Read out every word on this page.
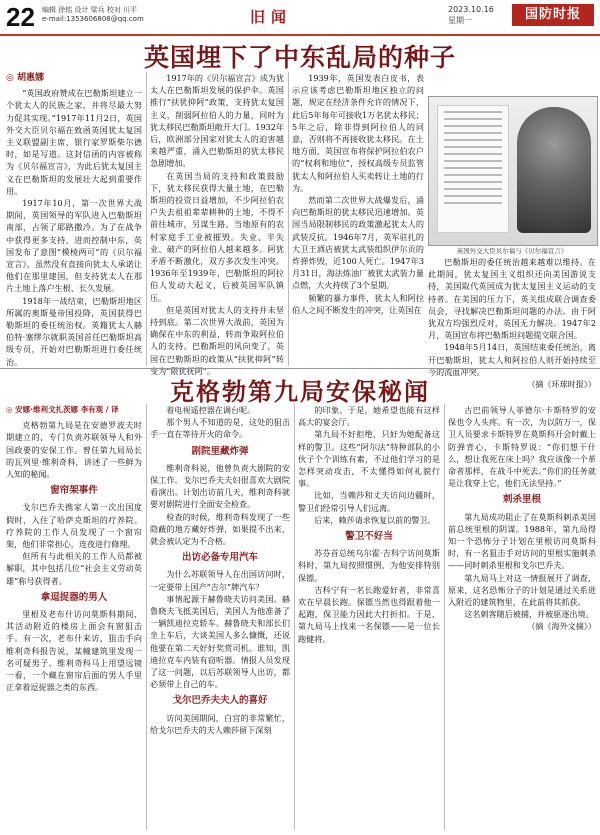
22 编辑 徐铭 设计 梁兵 校对 川平
e-mail:1353606808@qq.com	旧闻	2023.10.16
星期一	国防时报
英国埋下了中东乱局的种子
◎ 胡惠娜

“英国政府赞成在巴勒斯坦建立一个犹太人的民族之家，并将尽最大努力促其实现。”1917年11月2日，英国外交大臣贝尔福在致函英国犹太复国主义联盟副主席、银行家罗斯柴尔德时，如是写道。这封信函的内容被称为《贝尔福宣言》，为此后犹太复国主义在巴勒斯坦的发展壮大起到重要作用。

1917年10月，第一次世界大战期间，英国领导的军队进入巴勒斯坦南部，占领了耶路撒冷。为了在战争中获得更多支持，进而控制中东，英国发布了意图“模棱两可”的《贝尔福宣言》，虽然没有直接向犹太人承诺让他们在那里建国，但支持犹太人在那片土地上落户生根、长久发展。

1918年一战结束，巴勒斯坦地区所属的奥斯曼帝国投降，英国获得巴勒斯坦的委任统治权。英籍犹太人赫伯特·塞缪尔就职英国首任巴勒斯坦高级专员，开始对巴勒斯坦进行委任统治。

1917年的《贝尔福宣言》成为犹太人在巴勒斯坦发展的保护伞。英国推行“扶犹抑阿”政策，支持犹太复国主义，削弱阿拉伯人的力量，同时为犹太移民巴勒斯坦敞开大门。1932年后，欧洲部分国家对犹太人的迫害越来越严重，涌入巴勒斯坦的犹太移民急剧增加。

在英国当局的支持和政策鼓励下，犹太移民获得大量土地，在巴勒斯坦的投资日益增加，不少阿拉伯农户失去祖祖辈辈耕种的土地，不得不前往城市，另谋生路。当地原有的农村家庭手工业被摧毁。失业、半失业、破产的阿拉伯人越来越多。阿犹矛盾不断激化，双方多次发生冲突。1936年至1939年，巴勒斯坦的阿拉伯人发动大起义，后被英国军队镇压。

但是英国对犹太人的支持并未坚持到底。第二次世界大战前，英国为确保在中东的利益，转而争取阿拉伯人的支持。巴勒斯坦的风向变了，英国在巴勒斯坦的政策从“扶犹抑阿”转变为“限犹抚阿”。

1939年，英国发表白皮书，表示应该考虑巴勒斯坦地区独立的问题，规定在经济条件允许的情况下，此后5年每年可接收1万名犹太移民；5年之后，除非得到阿拉伯人的同意，否则将不再接收犹太移民。在土地方面，英国宣布将保护阿拉伯农户的“权利和地位”，授权高级专员监管犹太人和阿拉伯人买卖转让土地的行为。

然而第二次世界大战爆发后，涌向巴勒斯坦的犹太移民迅速增加。英国当局限制移民的政策激起犹太人的武装反抗。1946年7月，英军驻扎的大卫王酒店被犹太武装组织伊尔贡的炸弹炸毁，近100人死亡。1947年3月31日，海法炼油厂被犹太武装力量点燃，大火持续了3个星期。

频繁的暴力事件，犹太人和阿拉伯人之间不断发生的冲突，让英国在

英国外交大臣贝尔福与《贝尔福宣言》

巴勒斯坦的委任统治越来越难以维持。在此期间，犹太复国主义组织还向美国游说支持，美国取代英国成为犹太复国主义运动的支持者。在美国的压力下，英关组成联合调查委员会，寻找解决巴勒斯坦问题的办法。由于阿犹双方均强烈反对，英国无力解决。1947年2月，英国宣布将巴勒斯坦问题提交联合国。

1948年5月14日，英国结束委任统治，离开巴勒斯坦，犹太人和阿拉伯人则开始持续至今的流血冲突。

（摘《环球时报》）
克格勃第九局安保秘闻
◎ 安娜·维利戈扎茨娜 李有观 / 译

克格勃第九局是在安德罗波夫时期建立的，专门负责苏联领导人和外国政要的安保工作。曾任第九局局长的瓦列里·维利奇科，讲述了一些鲜为人知的秘闻。

窗帘架事件

戈尔巴乔夫携家人第一次出国度假时，入住了哈萨克斯坦的疗养院。疗养院的工作人员发现了一个窗帘架，他们非常担心，连夜进行修理。

但所有与此相关的工作人员都被解职，其中包括几位“社会主义劳动英雄”称号获得者。

拿逗捉器的男人

里根及老布什访问莫斯科期间，其活动附近的楼房上面会有窗狙击手。有一次，老布什来访，狙击手向维利奇科报告说，某幢建筑里发现一名可疑男子。维利奇科马上用望远镜一看，一个藏在窗帘后面的男人手里正拿着逗捉器之类的东西。

着电视遥控器在调台呢。

那个男人不知道的是，这处的狙击手一直在等待开火的命令。

剧院里藏炸弹

维利奇科说，他曾负责大剧院的安保工作。戈尔巴乔夫夫妇很喜欢大剧院看演出。计划出访前几天，维利奇科就要对剧院进行全面安全检查。

检查的时候，维利奇科发现了一些隐蔽的地方藏好炸弹，如果提不出来，就会被认定为不合格。

出访必备专用汽车

为什么苏联领导人在出国访问时，一定要带上国产“吉尔”牌汽车？

事情起源于赫鲁晓夫访问美国。赫鲁晓夫飞抵美国后，美国人为他准备了一辆凯迪拉克轿车。赫鲁晓夫和部长们坐上车后，大谈美国人多么慷慨，还说他要在第二天好好奖赏司机。谁知，凯迪拉克车内装有窃听器。情报人员发现了这一问题，以后苏联领导人出访，都必须带上自己的车。

戈尔巴乔夫夫人的喜好

访问美国期间，白宫的非常繁忙，给戈尔巴乔夫的夫人赖莎留下深刻

的印象。于是，她希望也能有这样高大的宴会厅。

第九局不好拒绝，只好为她配备这样的警卫。这些“阿尔法”特种部队的小伙子个个训练有素，不过他们学习的是怎样突动攻击，不太懂得如何礼貌行事。

比如，当赖莎和丈夫访问边疆时，警卫们经常引导人们远离。

后来，赖莎请求恢复以前的警卫。

警卫不好当

苏芬首总统乌尔霍·吉科宁访问莫斯科时，第九局按照惯例，为他安排特别保镖。

吉科宁有一名长跑爱好者，非常喜欢在早晨长跑。保镖当然也得跟着他一起跑，保卫能力因此大打折扣。于是，第九局马上找来一名保镖——是一位长跑健将。

古巴前领导人菲德尔·卡斯特罗的安保也令人头疼。有一次，为以防万一，保卫人员要求卡斯特罗在莫斯科开会时戴上防弹背心，卡斯特罗说：“你们想干什么，想让我死在床上吗？我应该像一个革命者那样，在战斗中死去。”你们的任务就是让我穿上它，他们无法坚持。”

刺杀里根

第九局成功阻止了在莫斯科刺杀美国前总统里根的阴谋。1988年，第九局得知一个恐怖分子计划在里根访问莫斯科时，有一名狙击手对访问的里根实施刺杀——同时刺杀里根和戈尔巴乔夫。

第九局马上对这一情报展开了调查，原来，这名恐怖分子的计划是通过关系进入附近的建筑物里，在此前将其抓获。

这名刺客随后被捕，并被驱逐出境。

（摘《海外文摘》）
